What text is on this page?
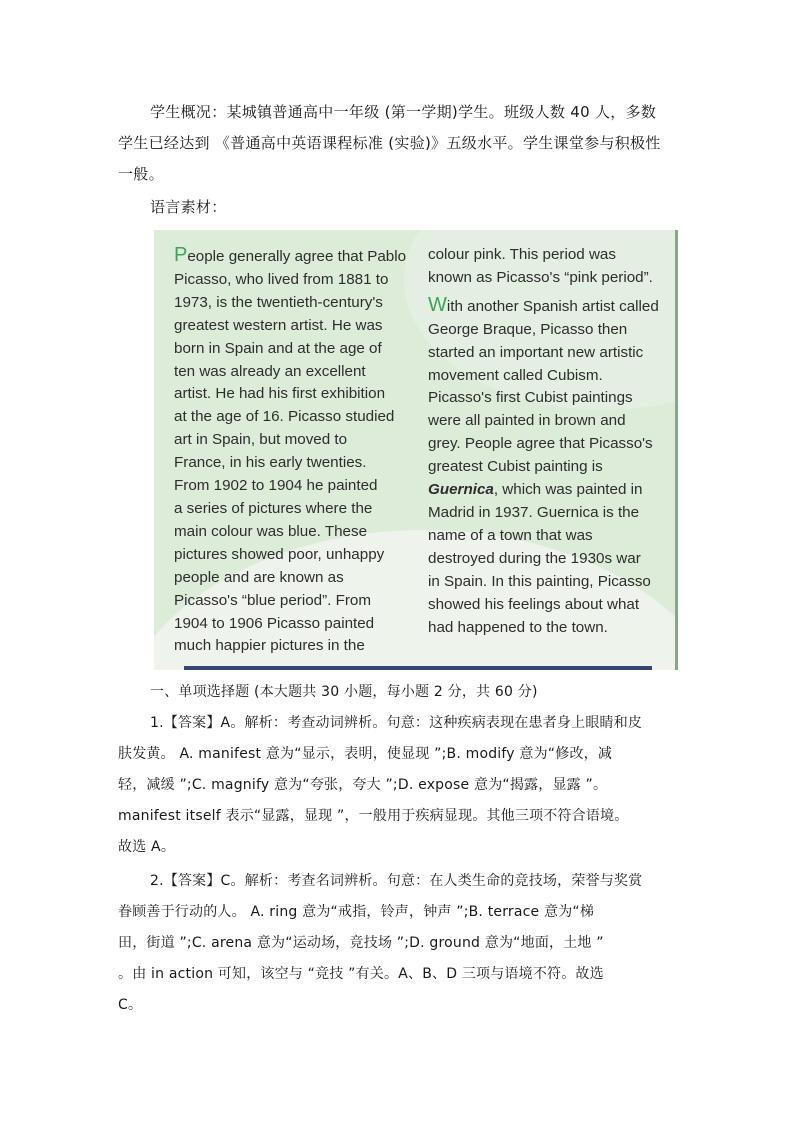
学生概况：某城镇普通高中一年级 (第一学期)学生。班级人数 40 人，多数
学生已经达到 《普通高中英语课程标准 (实验)》五级水平。学生课堂参与积极性
一般。
语言素材：
People generally agree that Pablo
Picasso, who lived from 1881 to
1973, is the twentieth-century's
greatest western artist. He was
born in Spain and at the age of
ten was already an excellent
artist. He had his first exhibition
at the age of 16. Picasso studied
art in Spain, but moved to
France, in his early twenties.
From 1902 to 1904 he painted
a series of pictures where the
main colour was blue. These
pictures showed poor, unhappy
people and are known as
Picasso's “blue period”. From
1904 to 1906 Picasso painted
much happier pictures in the
colour pink. This period was
known as Picasso's “pink period”.
With another Spanish artist called
George Braque, Picasso then
started an important new artistic
movement called Cubism.
Picasso's first Cubist paintings
were all painted in brown and
grey. People agree that Picasso's
greatest Cubist painting is
Guernica, which was painted in
Madrid in 1937. Guernica is the
name of a town that was
destroyed during the 1930s war
in Spain. In this painting, Picasso
showed his feelings about what
had happened to the town.
一、单项选择题 (本大题共 30 小题，每小题 2 分，共 60 分)
1.【答案】A。解析：考查动词辨析。句意：这种疾病表现在患者身上眼睛和皮
肤发黄。 A. manifest 意为“显示，表明，使显现 ”;B. modify 意为“修改，减
轻，减缓 ”;C. magnify 意为“夸张，夸大 ”;D. expose 意为“揭露，显露 ”。
manifest itself 表示“显露，显现 ”，一般用于疾病显现。其他三项不符合语境。
故选 A。
2.【答案】C。解析：考查名词辨析。句意：在人类生命的竞技场，荣誉与奖赏
眷顾善于行动的人。 A. ring 意为“戒指，铃声，钟声 ”;B. terrace 意为“梯
田，街道 ”;C. arena 意为“运动场，竞技场 ”;D. ground 意为“地面，土地 ”
。由 in action 可知，该空与 “竞技 ”有关。A、B、D 三项与语境不符。故选
C。
